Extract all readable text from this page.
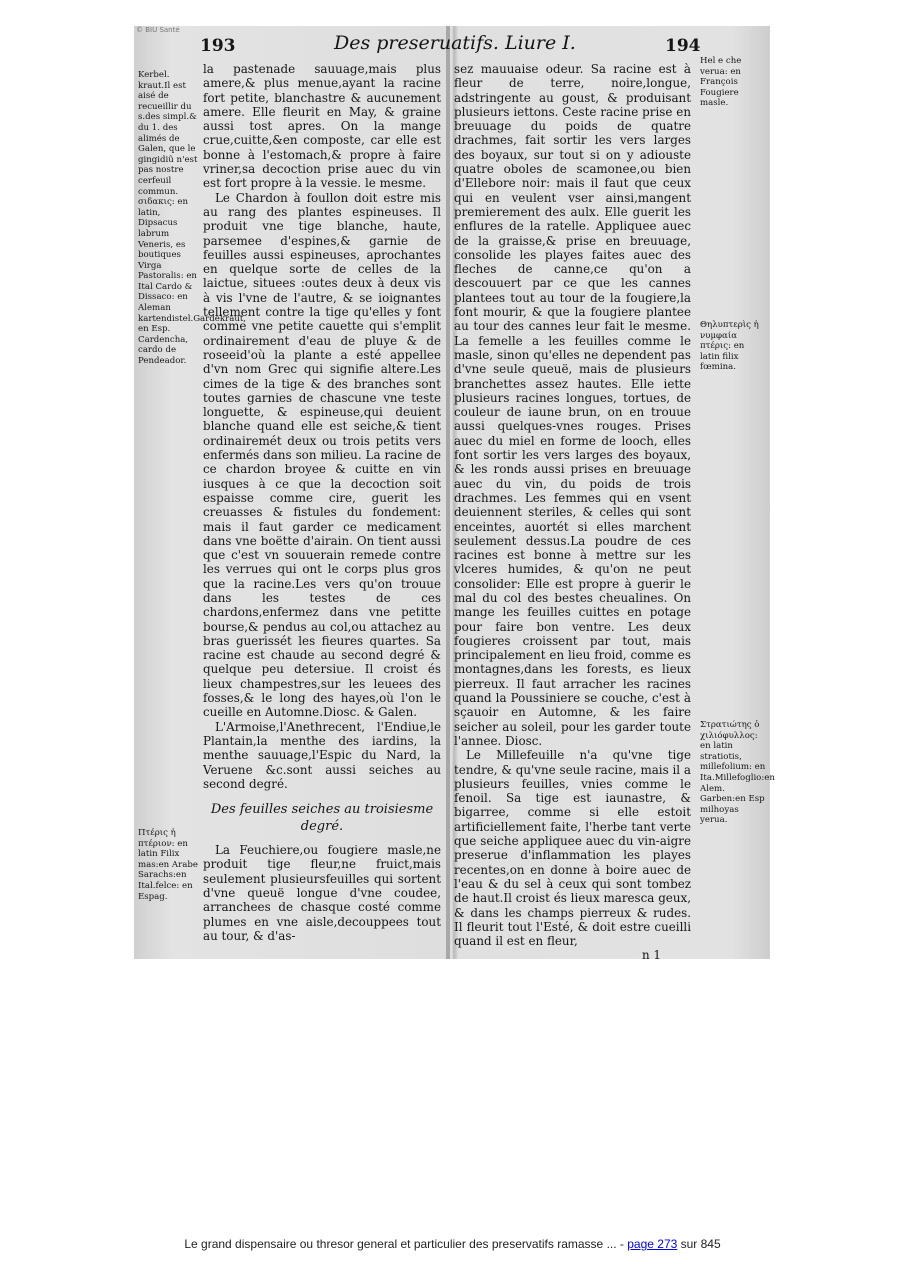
© BIU Santé
193	Des preseruatifs. Liure I.	194
Kerbel. kraut.Il est aisé de recueillir du s.des simpl.& du 1. des alimés de Galen, que le gingidiû n'est pas nostre cerfeuil commun. σιδακις: en latin, Dipsacus labrum Veneris, es boutiques Virga Pastoralis: en Ital Cardo & Dissaco: en Aleman kartendistel.Gardekraut, en Esp. Cardencha, cardo de Pendeador.
Πτέρις ἡ πτέριον: en latin Filix mas:en Arabe Sarachs:en Ital.felce: en Espag.

la pastenade sauuage,mais plus amere,& plus menue,ayant la racine fort petite, blanchastre & aucunement amere. Elle fleurit en May, & graine aussi tost apres. On la mange crue,cuitte,&en composte, car elle est bonne à l'estomach,& propre à faire vriner,sa decoction prise auec du vin est fort propre à la vessie. le mesme.

Le Chardon à foullon doit estre mis au rang des plantes espineuses. Il produit vne tige blanche, haute, parsemee d'espines,& garnie de feuilles aussi espineuses, aprochantes en quelque sorte de celles de la laictue, situees :outes deux à deux vis à vis l'vne de l'autre, & se ioignantes tellement contre la tige qu'elles y font comme vne petite cauette qui s'emplit ordinairement d'eau de pluye & de roseeid'où la plante a esté appellee d'vn nom Grec qui signifie altere.Les cimes de la tige & des branches sont toutes garnies de chascune vne teste longuette, & espineuse,qui deuient blanche quand elle est seiche,& tient ordinairemét deux ou trois petits vers enfermés dans son milieu. La racine de ce chardon broyee & cuitte en vin iusques à ce que la decoction soit espaisse comme cire, guerit les creuasses & fistules du fondement: mais il faut garder ce medicament dans vne boëtte d'airain. On tient aussi que c'est vn souuerain remede contre les verrues qui ont le corps plus gros que la racine.Les vers qu'on trouue dans les testes de ces chardons,enfermez dans vne petitte bourse,& pendus au col,ou attachez au bras guerissét les fieures quartes. Sa racine est chaude au second degré & quelque peu detersiue. Il croist és lieux champestres,sur les leuees des fosses,& le long des hayes,où l'on le cueille en Automne.Diosc. & Galen.

L'Armoise,l'Anethrecent, l'Endiue,le Plantain,la menthe des iardins, la menthe sauuage,l'Espic du Nard, la Veruene &c.sont aussi seiches au second degré.

Des feuilles seiches au troisiesme degré.

La Feuchiere,ou fougiere masle,ne produit tige fleur,ne fruict,mais seulement plusieursfeuilles qui sortent d'vne queuë longue d'vne coudee, arranchees de chasque costé comme plumes en vne aisle,decouppees tout au tour, & d'as-

sez mauuaise odeur. Sa racine est à fleur de terre, noire,longue, adstringente au goust, & produisant plusieurs iettons. Ceste racine prise en breuuage du poids de quatre drachmes, fait sortir les vers larges des boyaux, sur tout si on y adiouste quatre oboles de scamonee,ou bien d'Ellebore noir: mais il faut que ceux qui en veulent vser ainsi,mangent premierement des aulx. Elle guerit les enflures de la ratelle. Appliquee auec de la graisse,& prise en breuuage, consolide les playes faites auec des fleches de canne,ce qu'on a descouuert par ce que les cannes plantees tout au tour de la fougiere,la font mourir, & que la fougiere plantee au tour des cannes leur fait le mesme. La femelle a les feuilles comme le masle, sinon qu'elles ne dependent pas d'vne seule queuë, mais de plusieurs branchettes assez hautes. Elle iette plusieurs racines longues, tortues, de couleur de iaune brun, on en trouue aussi quelques-vnes rouges. Prises auec du miel en forme de looch, elles font sortir les vers larges des boyaux, & les ronds aussi prises en breuuage auec du vin, du poids de trois drachmes. Les femmes qui en vsent deuiennent steriles, & celles qui sont enceintes, auortét si elles marchent seulement dessus.La poudre de ces racines est bonne à mettre sur les vlceres humides, & qu'on ne peut consolider: Elle est propre à guerir le mal du col des bestes cheualines. On mange les feuilles cuittes en potage pour faire bon ventre. Les deux fougieres croissent par tout, mais principalement en lieu froid, comme es montagnes,dans les forests, es lieux pierreux. Il faut arracher les racines quand la Poussiniere se couche, c'est à sçauoir en Automne, & les faire seicher au soleil, pour les garder toute l'annee. Diosc.

Le Millefeuille n'a qu'vne tige tendre, & qu'vne seule racine, mais il a plusieurs feuilles, vnies comme le fenoil. Sa tige est iaunastre, & bigarree, comme si elle estoit artificiellement faite, l'herbe tant verte que seiche appliquee auec du vin-aigre preserue d'inflammation les playes recentes,on en donne à boire auec de l'eau & du sel à ceux qui sont tombez de haut.Il croist és lieux maresca geux, & dans les champs pierreux & rudes. Il fleurit tout l'Esté, & doit estre cueilli quand il est en fleur,

n 1
Hel e che verua: en François Fougiere masle.
Θηλυπτερὶς ἡ νυμφαία πτέρις: en latin filix fœmina.
Στρατιώτης ὁ χιλιόφυλλος: en latin stratiotis, millefolium: en Ita.Millefoglio:en Alem. Garben:en Esp milhoyas yerua.
Le grand dispensaire ou thresor general et particulier des preservatifs ramasse ... - page 273 sur 845
